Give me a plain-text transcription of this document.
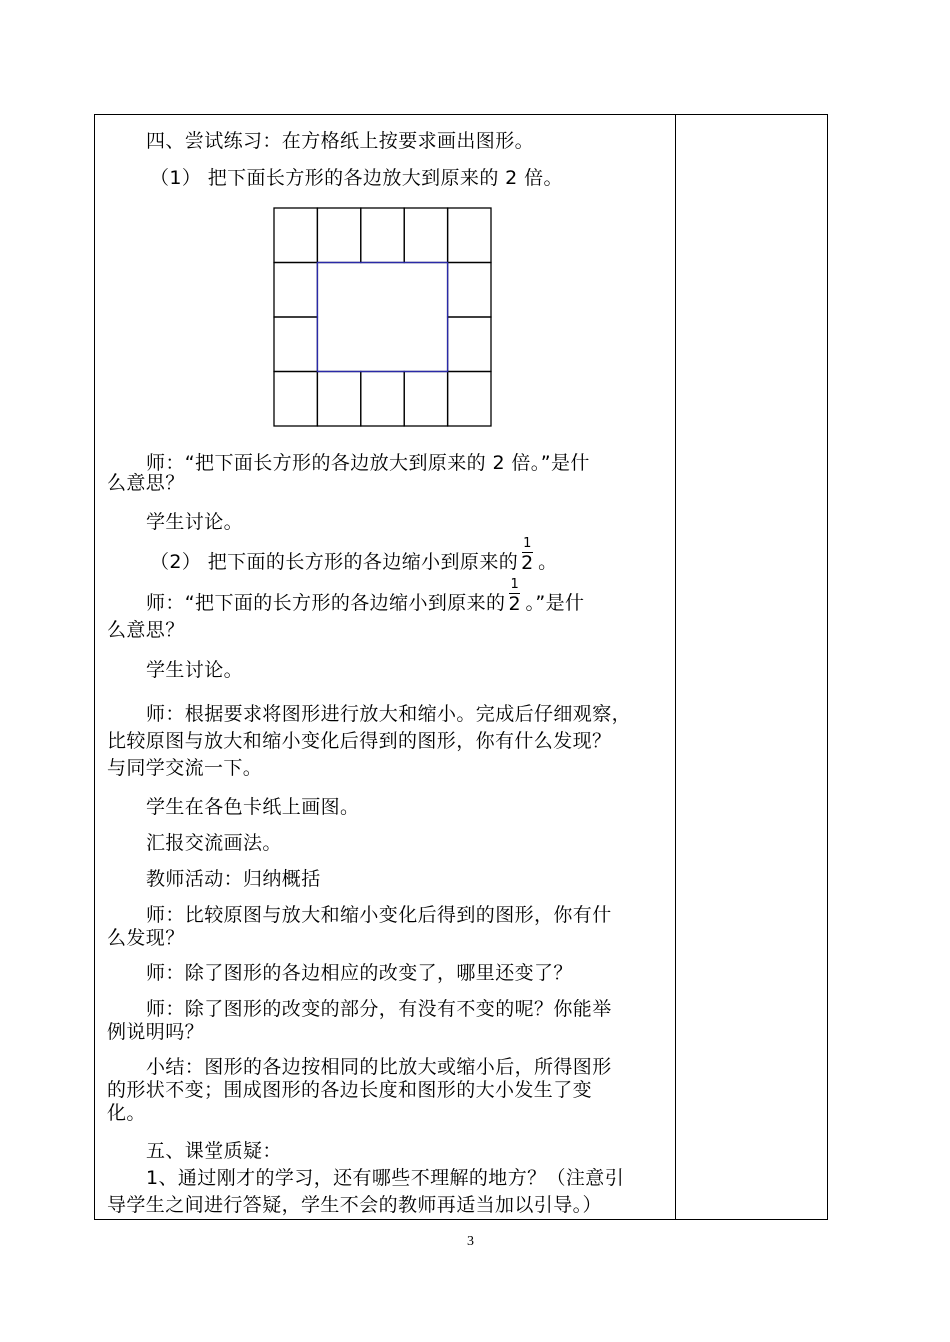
四、尝试练习：在方格纸上按要求画出图形。
（1） 把下面长方形的各边放大到原来的 2 倍。
师：“把下面长方形的各边放大到原来的 2 倍。”是什
么意思？
学生讨论。
（2） 把下面的长方形的各边缩小到原来的 $\frac{1}{2}$ 。
师：“把下面的长方形的各边缩小到原来的 $\frac{1}{2}$ 。”是什
么意思？
学生讨论。
师：根据要求将图形进行放大和缩小。完成后仔细观察，
比较原图与放大和缩小变化后得到的图形，你有什么发现？
与同学交流一下。
学生在各色卡纸上画图。
汇报交流画法。
教师活动：归纳概括
师：比较原图与放大和缩小变化后得到的图形，你有什
么发现？
师：除了图形的各边相应的改变了，哪里还变了？
师：除了图形的改变的部分，有没有不变的呢？你能举
例说明吗？
小结：图形的各边按相同的比放大或缩小后，所得图形
的形状不变；围成图形的各边长度和图形的大小发生了变
化。
五、课堂质疑：
1、通过刚才的学习，还有哪些不理解的地方？（注意引
导学生之间进行答疑，学生不会的教师再适当加以引导。）
3
